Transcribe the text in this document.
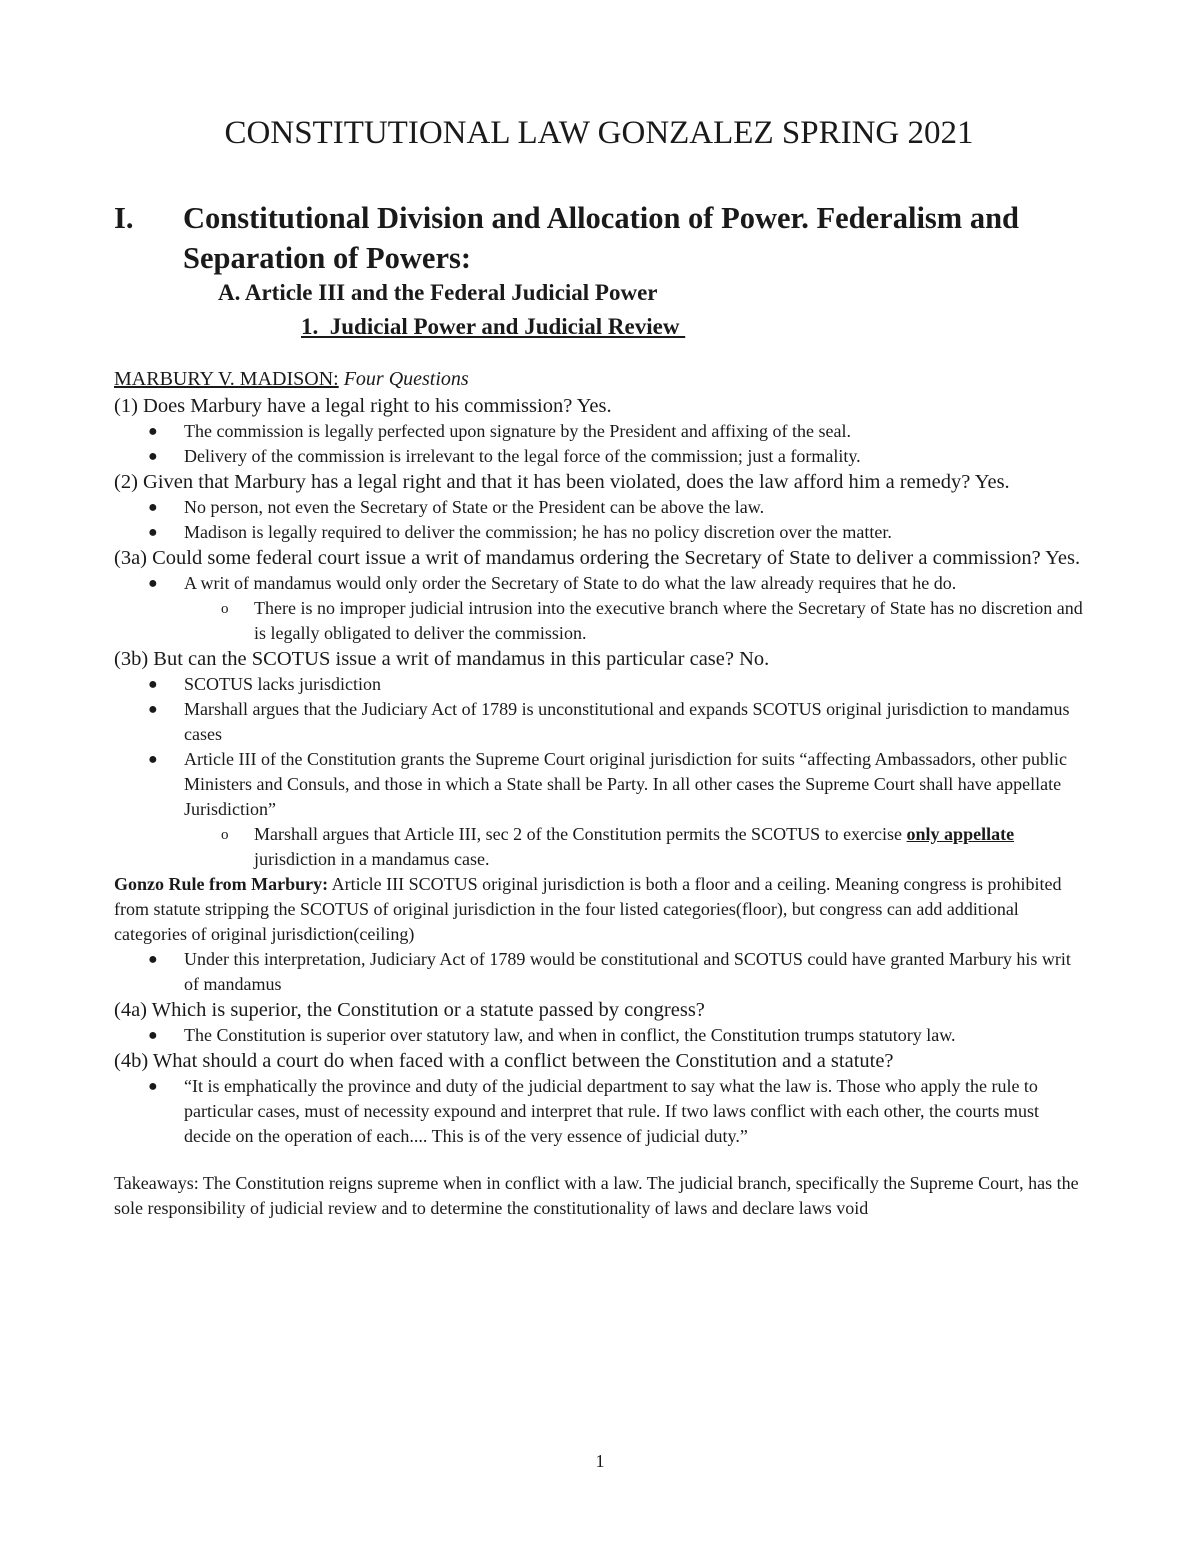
CONSTITUTIONAL LAW GONZALEZ SPRING 2021
I. Constitutional Division and Allocation of Power. Federalism and Separation of Powers:
A. Article III and the Federal Judicial Power
1.  Judicial Power and Judicial Review

MARBURY V. MADISON: Four Questions

(1) Does Marbury have a legal right to his commission? Yes.

● The commission is legally perfected upon signature by the President and affixing of the seal.
● Delivery of the commission is irrelevant to the legal force of the commission; just a formality.

(2) Given that Marbury has a legal right and that it has been violated, does the law afford him a remedy? Yes.

● No person, not even the Secretary of State or the President can be above the law.
● Madison is legally required to deliver the commission; he has no policy discretion over the matter.

(3a) Could some federal court issue a writ of mandamus ordering the Secretary of State to deliver a commission? Yes.

● A writ of mandamus would only order the Secretary of State to do what the law already requires that he do.
o There is no improper judicial intrusion into the executive branch where the Secretary of State has no discretion and is legally obligated to deliver the commission.

(3b) But can the SCOTUS issue a writ of mandamus in this particular case? No.

● SCOTUS lacks jurisdiction
● Marshall argues that the Judiciary Act of 1789 is unconstitutional and expands SCOTUS original jurisdiction to mandamus cases
● Article III of the Constitution grants the Supreme Court original jurisdiction for suits “affecting Ambassadors, other public Ministers and Consuls, and those in which a State shall be Party. In all other cases the Supreme Court shall have appellate Jurisdiction”
o Marshall argues that Article III, sec 2 of the Constitution permits the SCOTUS to exercise only appellate jurisdiction in a mandamus case.

Gonzo Rule from Marbury: Article III SCOTUS original jurisdiction is both a floor and a ceiling. Meaning congress is prohibited from statute stripping the SCOTUS of original jurisdiction in the four listed categories(floor), but congress can add additional categories of original jurisdiction(ceiling)

● Under this interpretation, Judiciary Act of 1789 would be constitutional and SCOTUS could have granted Marbury his writ of mandamus

(4a) Which is superior, the Constitution or a statute passed by congress?

● The Constitution is superior over statutory law, and when in conflict, the Constitution trumps statutory law.

(4b) What should a court do when faced with a conflict between the Constitution and a statute?

● “It is emphatically the province and duty of the judicial department to say what the law is. Those who apply the rule to particular cases, must of necessity expound and interpret that rule. If two laws conflict with each other, the courts must decide on the operation of each.... This is of the very essence of judicial duty.”

Takeaways: The Constitution reigns supreme when in conflict with a law. The judicial branch, specifically the Supreme Court, has the sole responsibility of judicial review and to determine the constitutionality of laws and declare laws void

1
